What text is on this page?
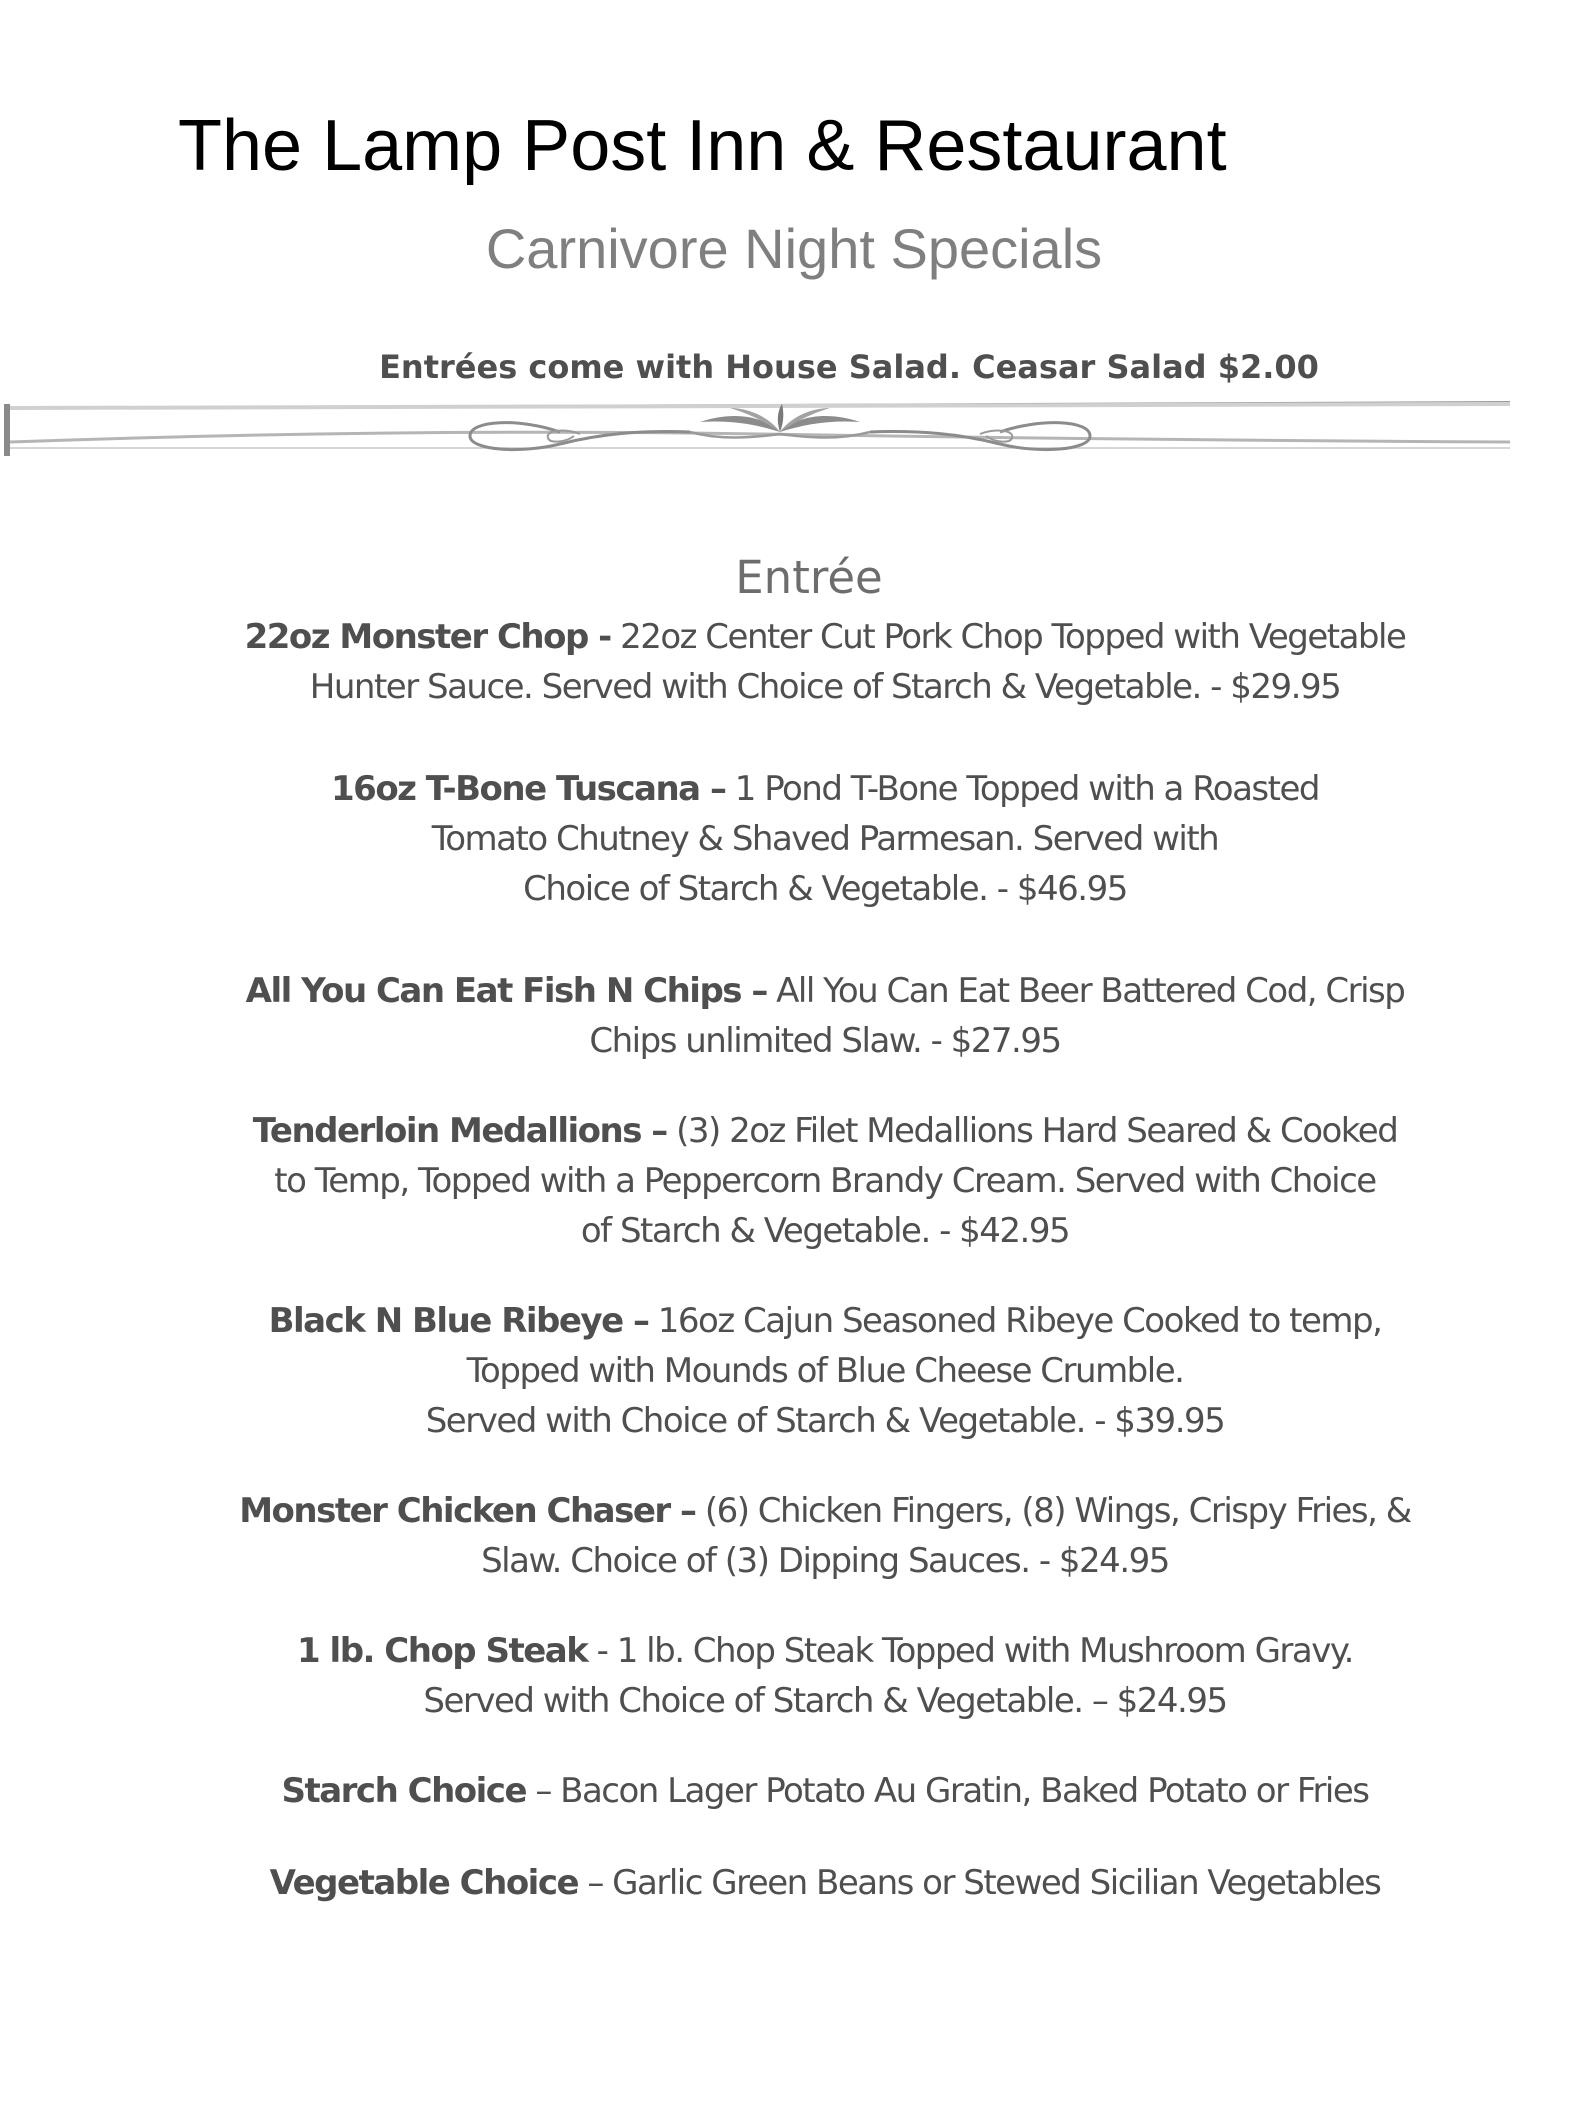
The Lamp Post Inn & Restaurant
Carnivore Night Specials

Entrées come with House Salad. Ceasar Salad $2.00

Entrée
22oz Monster Chop - 22oz Center Cut Pork Chop Topped with Vegetable
Hunter Sauce. Served with Choice of Starch & Vegetable. - $29.95
16oz T-Bone Tuscana – 1 Pond T-Bone Topped with a Roasted
Tomato Chutney & Shaved Parmesan. Served with
Choice of Starch & Vegetable. - $46.95
All You Can Eat Fish N Chips – All You Can Eat Beer Battered Cod, Crisp
Chips unlimited Slaw. - $27.95
Tenderloin Medallions – (3) 2oz Filet Medallions Hard Seared & Cooked
to Temp, Topped with a Peppercorn Brandy Cream. Served with Choice
of Starch & Vegetable. - $42.95
Black N Blue Ribeye – 16oz Cajun Seasoned Ribeye Cooked to temp,
Topped with Mounds of Blue Cheese Crumble.
Served with Choice of Starch & Vegetable. - $39.95
Monster Chicken Chaser – (6) Chicken Fingers, (8) Wings, Crispy Fries, &
Slaw. Choice of (3) Dipping Sauces. - $24.95
1 lb. Chop Steak - 1 lb. Chop Steak Topped with Mushroom Gravy.
Served with Choice of Starch & Vegetable. – $24.95
Starch Choice – Bacon Lager Potato Au Gratin, Baked Potato or Fries
Vegetable Choice – Garlic Green Beans or Stewed Sicilian Vegetables
